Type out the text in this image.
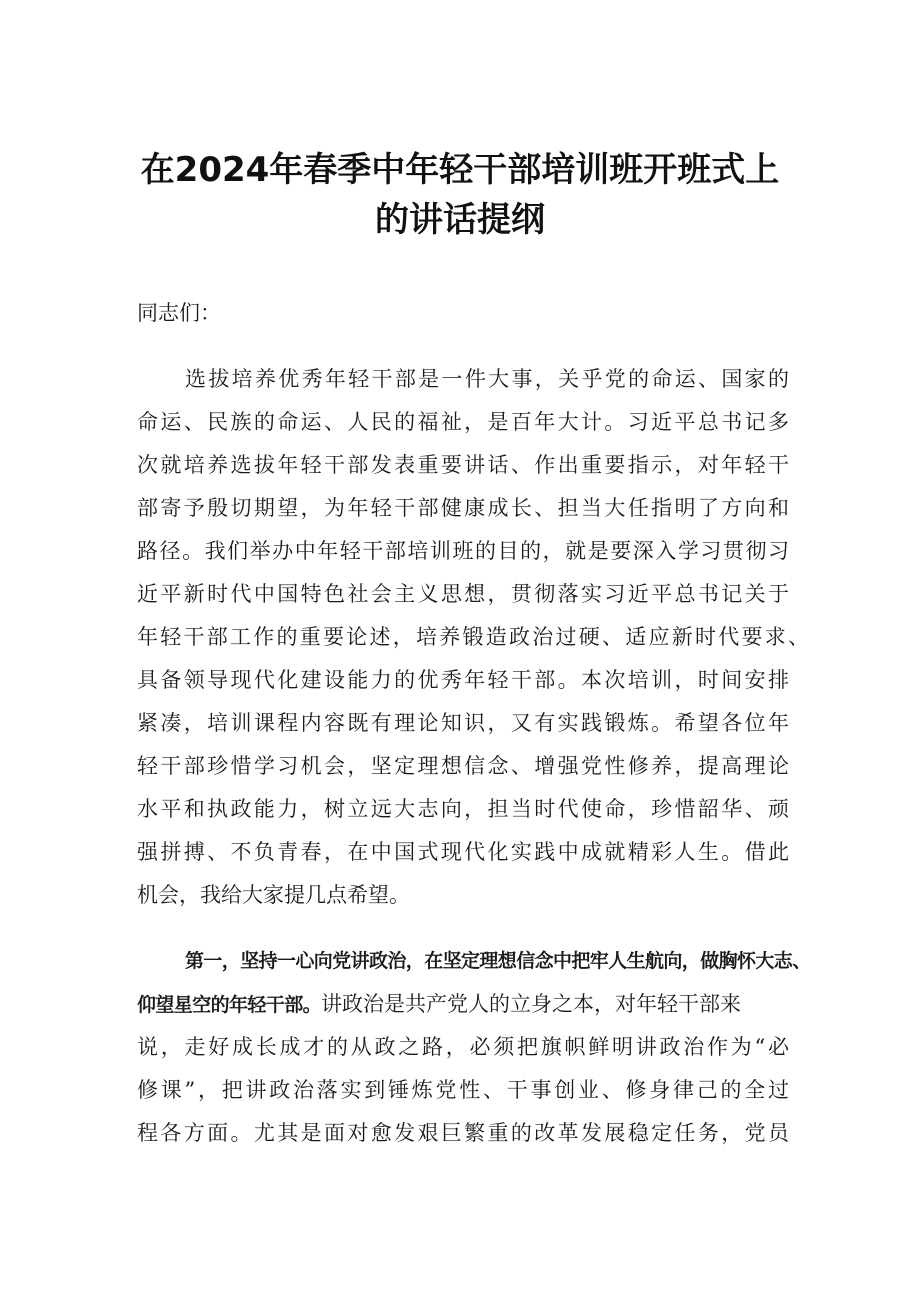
在2024年春季中年轻干部培训班开班式上
的讲话提纲
同志们：
选拔培养优秀年轻干部是一件大事，关乎党的命运、国家的
命运、民族的命运、人民的福祉，是百年大计。习近平总书记多
次就培养选拔年轻干部发表重要讲话、作出重要指示，对年轻干
部寄予殷切期望，为年轻干部健康成长、担当大任指明了方向和
路径。我们举办中年轻干部培训班的目的，就是要深入学习贯彻习
近平新时代中国特色社会主义思想，贯彻落实习近平总书记关于
年轻干部工作的重要论述，培养锻造政治过硬、适应新时代要求、
具备领导现代化建设能力的优秀年轻干部。本次培训，时间安排
紧凑，培训课程内容既有理论知识，又有实践锻炼。希望各位年
轻干部珍惜学习机会，坚定理想信念、增强党性修养，提高理论
水平和执政能力，树立远大志向，担当时代使命，珍惜韶华、顽
强拼搏、不负青春，在中国式现代化实践中成就精彩人生。借此
机会，我给大家提几点希望。
第一，坚持一心向党讲政治，在坚定理想信念中把牢人生航向，做胸怀大志、
仰望星空的年轻干部。讲政治是共产党人的立身之本，对年轻干部来
说，走好成长成才的从政之路，必须把旗帜鲜明讲政治作为“必
修课”，把讲政治落实到锤炼党性、干事创业、修身律己的全过
程各方面。尤其是面对愈发艰巨繁重的改革发展稳定任务，党员
